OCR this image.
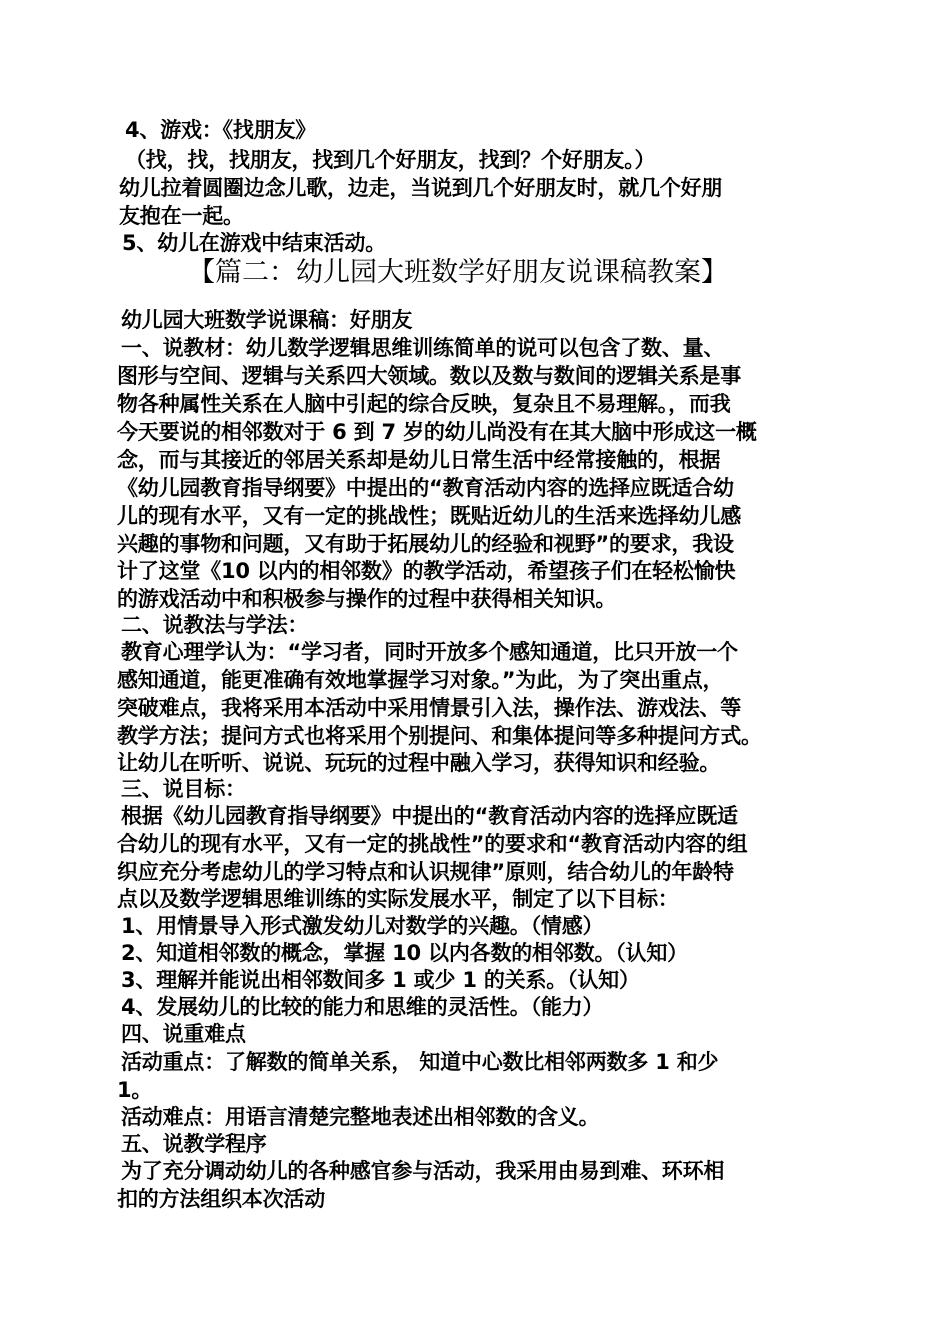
4、游戏：《找朋友》
（找，找，找朋友，找到几个好朋友，找到？个好朋友。）
幼儿拉着圆圈边念儿歌，边走，当说到几个好朋友时，就几个好朋
友抱在一起。
5、幼儿在游戏中结束活动。
【篇二：幼儿园大班数学好朋友说课稿教案】
幼儿园大班数学说课稿：好朋友
一、说教材：幼儿数学逻辑思维训练简单的说可以包含了数、量、
图形与空间、逻辑与关系四大领域。数以及数与数间的逻辑关系是事
物各种属性关系在人脑中引起的综合反映，复杂且不易理解。，而我
今天要说的相邻数对于 6 到 7 岁的幼儿尚没有在其大脑中形成这一概
念，而与其接近的邻居关系却是幼儿日常生活中经常接触的，根据
《幼儿园教育指导纲要》中提出的“教育活动内容的选择应既适合幼
儿的现有水平，又有一定的挑战性；既贴近幼儿的生活来选择幼儿感
兴趣的事物和问题，又有助于拓展幼儿的经验和视野”的要求，我设
计了这堂《10 以内的相邻数》的教学活动，希望孩子们在轻松愉快
的游戏活动中和积极参与操作的过程中获得相关知识。
二、说教法与学法：
教育心理学认为：“学习者，同时开放多个感知通道，比只开放一个
感知通道，能更准确有效地掌握学习对象。”为此，为了突出重点，
突破难点，我将采用本活动中采用情景引入法，操作法、游戏法、等
教学方法；提问方式也将采用个别提问、和集体提问等多种提问方式。
让幼儿在听听、说说、玩玩的过程中融入学习，获得知识和经验。
三、说目标：
根据《幼儿园教育指导纲要》中提出的“教育活动内容的选择应既适
合幼儿的现有水平，又有一定的挑战性”的要求和“教育活动内容的组
织应充分考虑幼儿的学习特点和认识规律”原则，结合幼儿的年龄特
点以及数学逻辑思维训练的实际发展水平，制定了以下目标：
1、用情景导入形式激发幼儿对数学的兴趣。（情感）
2、知道相邻数的概念，掌握 10 以内各数的相邻数。（认知）
3、理解并能说出相邻数间多 1 或少 1 的关系。（认知）
4、发展幼儿的比较的能力和思维的灵活性。（能力）
四、说重难点
活动重点：了解数的简单关系， 知道中心数比相邻两数多 1 和少
1。
活动难点：用语言清楚完整地表述出相邻数的含义。
五、说教学程序
为了充分调动幼儿的各种感官参与活动，我采用由易到难、环环相
扣的方法组织本次活动
